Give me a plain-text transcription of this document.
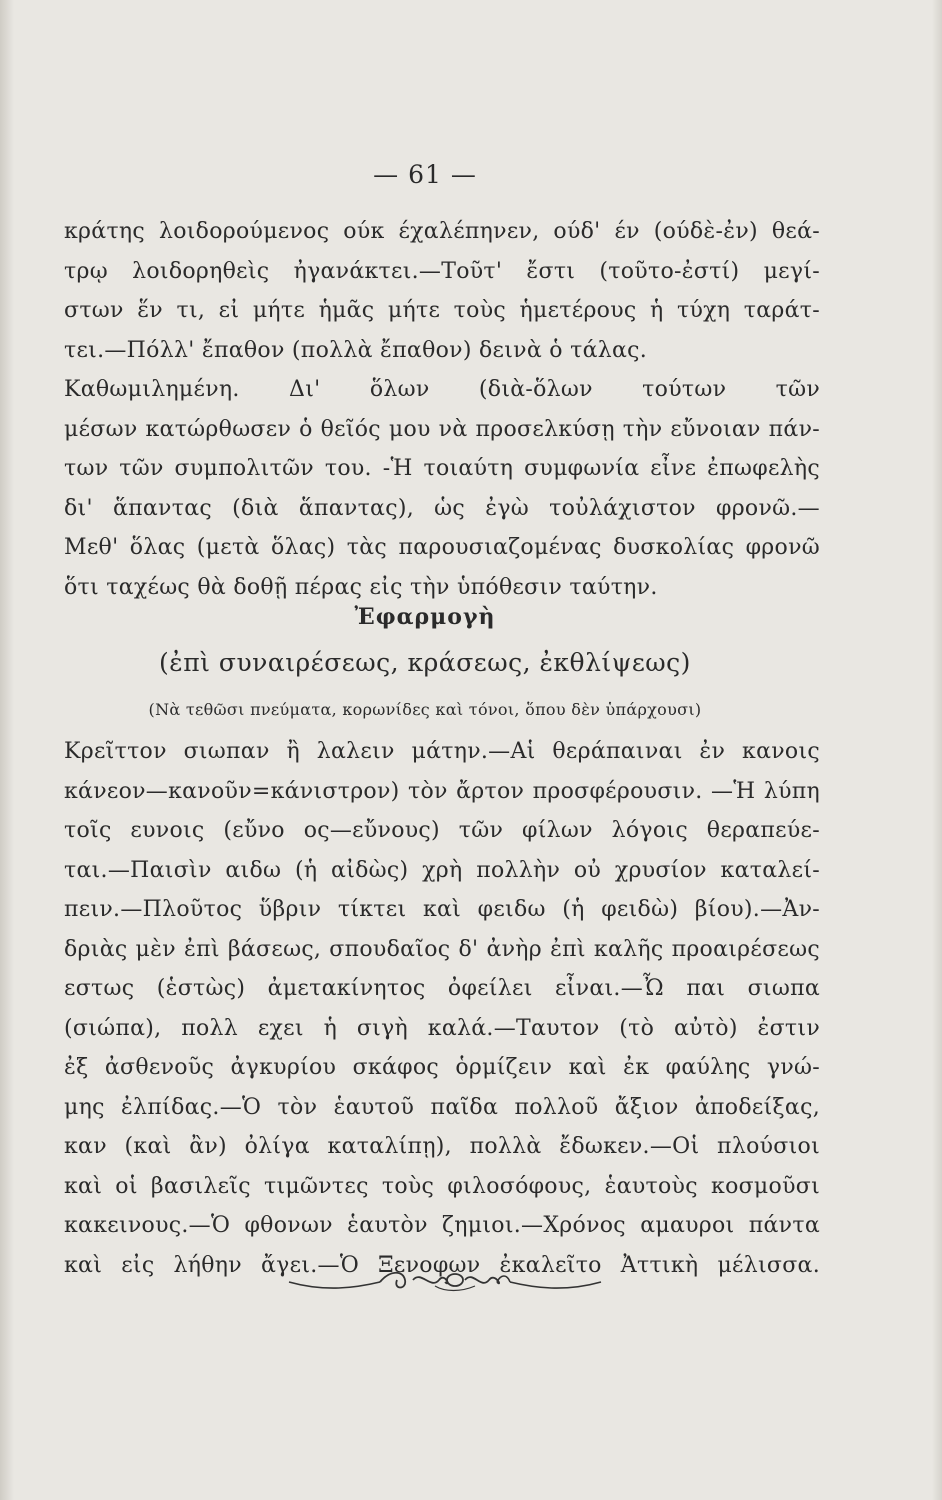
— 61 —
κράτης λοιδορούμενος ούκ έχαλέπηνεν, ούδ' έν (ούδὲ-ἐν) θεά-
τρῳ λοιδορηθεὶς ἠγανάκτει.—Τοῦτ' ἔστι (τοῦτο-ἐστί) μεγί-
στων ἕν τι, εἰ μήτε ἡμᾶς μήτε τοὺς ἡμετέρους ἡ τύχη ταράτ-
τει.—Πόλλ' ἔπαθον (πολλὰ ἔπαθον) δεινὰ ὁ τάλας.
Καθωμιλημένη. Δι' ὅλων (διὰ-ὅλων τούτων τῶν
μέσων κατώρθωσεν ὁ θεῖός μου νὰ προσελκύσῃ τὴν εὔνοιαν πάν-
των τῶν συμπολιτῶν του. -Ἡ τοιαύτη συμφωνία εἶνε ἐπωφελὴς
δι' ἅπαντας (διὰ ἅπαντας), ὡς ἐγὼ τοὐλάχιστον φρονῶ.—
Μεθ' ὅλας (μετὰ ὅλας) τὰς παρουσιαζομένας δυσκολίας φρονῶ
ὅτι ταχέως θὰ δοθῇ πέρας εἰς τὴν ὑπόθεσιν ταύτην.
Ἐφαρμογὴ
(ἐπὶ συναιρέσεως, κράσεως, ἐκθλίψεως)
(Νὰ τεθῶσι πνεύματα, κορωνίδες καὶ τόνοι, ὅπου δὲν ὑπάρχουσι)
Κρεῖττον σιωπαν ἢ λαλειν μάτην.—Αἱ θεράπαιναι ἐν κανοις
κάνεον—κανοῦν=κάνιστρον) τὸν ἄρτον προσφέρουσιν. —Ἡ λύπη
τοῖς ευνοις (εὔνο ος—εὔνους) τῶν φίλων λόγοις θεραπεύε-
ται.—Παισὶν αιδω (ἡ αἰδὼς) χρὴ πολλὴν οὐ χρυσίον καταλεί-
πειν.—Πλοῦτος ὕβριν τίκτει καὶ φειδω (ἡ φειδὼ) βίου).—Ἀν-
δριὰς μὲν ἐπὶ βάσεως, σπουδαῖος δ' ἀνὴρ ἐπὶ καλῆς προαιρέσεως
εστως (ἑστὼς) ἀμετακίνητος ὀφείλει εἶναι.—Ὦ παι σιωπα
(σιώπα), πολλ εχει ἡ σιγὴ καλά.—Ταυτον (τὸ αὐτὸ) ἐστιν
ἐξ ἀσθενοῦς ἀγκυρίου σκάφος ὁρμίζειν καὶ ἐκ φαύλης γνώ-
μης ἐλπίδας.—Ὁ τὸν ἑαυτοῦ παῖδα πολλοῦ ἄξιον ἀποδείξας,
καν (καὶ ἂν) ὀλίγα καταλίπῃ), πολλὰ ἔδωκεν.—Οἱ πλούσιοι
καὶ οἱ βασιλεῖς τιμῶντες τοὺς φιλοσόφους, ἑαυτοὺς κοσμοῦσι
κακεινους.—Ὁ φθονων ἑαυτὸν ζημιοι.—Χρόνος αμαυροι πάντα
καὶ εἰς λήθην ἄγει.—Ὁ Ξενοφων ἐκαλεῖτο Ἀττικὴ μέλισσα.
